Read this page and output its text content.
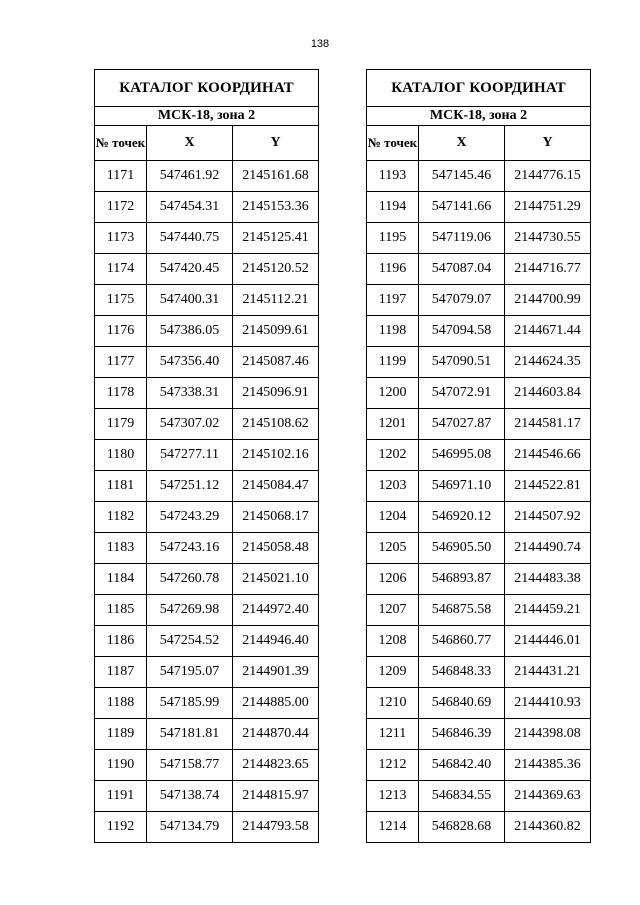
138
КАТАЛОГ КООРДИНАТ		
МСК-18, зона 2		
№ точек	X	Y
1171	547461.92	2145161.68
1172	547454.31	2145153.36
1173	547440.75	2145125.41
1174	547420.45	2145120.52
1175	547400.31	2145112.21
1176	547386.05	2145099.61
1177	547356.40	2145087.46
1178	547338.31	2145096.91
1179	547307.02	2145108.62
1180	547277.11	2145102.16
1181	547251.12	2145084.47
1182	547243.29	2145068.17
1183	547243.16	2145058.48
1184	547260.78	2145021.10
1185	547269.98	2144972.40
1186	547254.52	2144946.40
1187	547195.07	2144901.39
1188	547185.99	2144885.00
1189	547181.81	2144870.44
1190	547158.77	2144823.65
1191	547138.74	2144815.97
1192	547134.79	2144793.58
КАТАЛОГ КООРДИНАТ		
МСК-18, зона 2		
№ точек	X	Y
1193	547145.46	2144776.15
1194	547141.66	2144751.29
1195	547119.06	2144730.55
1196	547087.04	2144716.77
1197	547079.07	2144700.99
1198	547094.58	2144671.44
1199	547090.51	2144624.35
1200	547072.91	2144603.84
1201	547027.87	2144581.17
1202	546995.08	2144546.66
1203	546971.10	2144522.81
1204	546920.12	2144507.92
1205	546905.50	2144490.74
1206	546893.87	2144483.38
1207	546875.58	2144459.21
1208	546860.77	2144446.01
1209	546848.33	2144431.21
1210	546840.69	2144410.93
1211	546846.39	2144398.08
1212	546842.40	2144385.36
1213	546834.55	2144369.63
1214	546828.68	2144360.82
